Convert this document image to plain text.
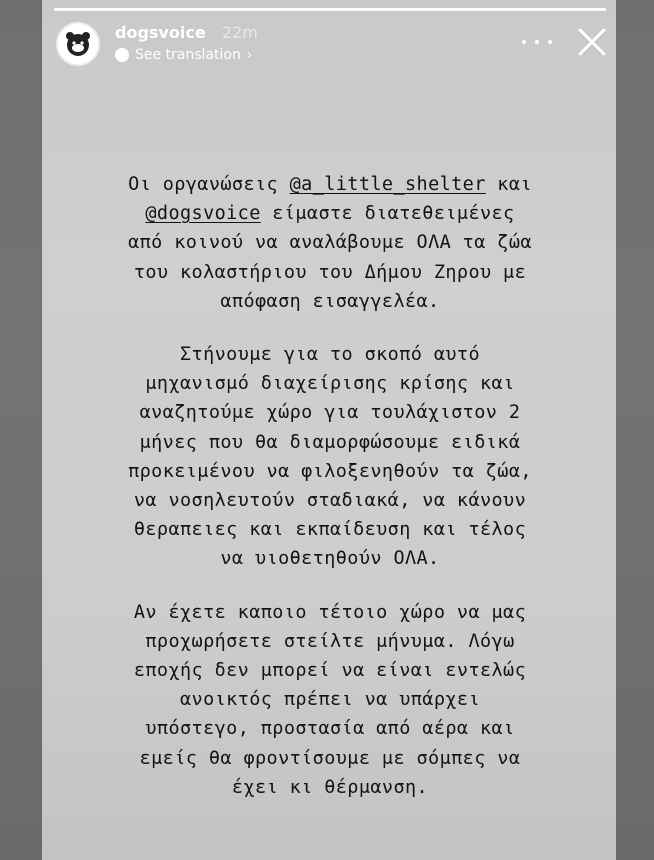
dogsvoice 22m
See translation ›

Οι οργανώσεις @a_little_shelter και
@dogsvoice είμαστε διατεθειμένες
από κοινού να αναλάβουμε ΟΛΑ τα ζώα
του κολαστήριου του Δήμου Ζηρου με
απόφαση εισαγγελέα.

Στήνουμε για το σκοπό αυτό
μηχανισμό διαχείρισης κρίσης και
αναζητούμε χώρο για τουλάχιστον 2
μήνες που θα διαμορφώσουμε ειδικά
προκειμένου να φιλοξενηθούν τα ζώα,
να νοσηλευτούν σταδιακά, να κάνουν
θεραπειες και εκπαίδευση και τέλος
να υιοθετηθούν ΟΛΑ.

Αν έχετε καποιο τέτοιο χώρο να μας
προχωρήσετε στείλτε μήνυμα. Λόγω
εποχής δεν μπορεί να είναι εντελώς
ανοικτός πρέπει να υπάρχει
υπόστεγο, προστασία από αέρα και
εμείς θα φροντίσουμε με σόμπες να
έχει κι θέρμανση.
